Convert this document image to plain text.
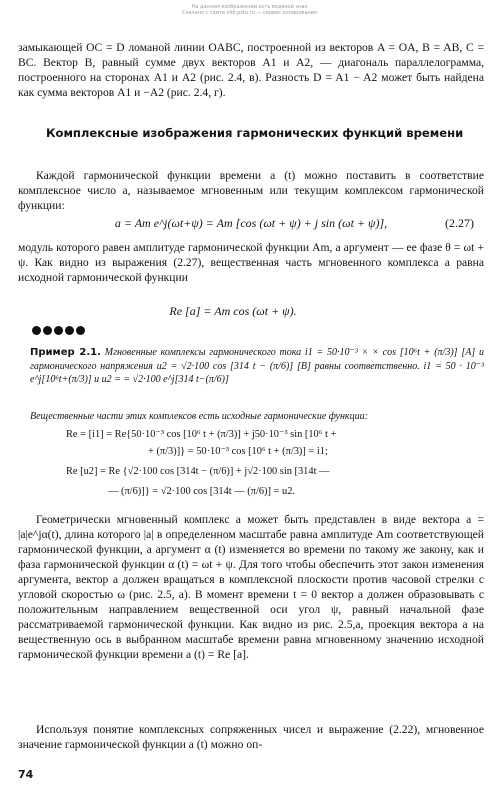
На данном изображении есть водяной знак
Скачано с сайта elib.pstu.ru — сервис копирования

замыкающей OC = D ломаной линии OABC, построенной из векторов A = OA, B = AB, C = BC. Вектор B, равный сумме двух векторов A1 и A2, — диагональ параллелограмма, построенного на сторонах A1 и A2 (рис. 2.4, в). Разность D = A1 − A2 может быть найдена как сумма векторов A1 и −A2 (рис. 2.4, г).

Комплексные изображения гармонических функций времени

Каждой гармонической функции времени a (t) можно поставить в соответствие комплексное число a, называемое мгновенным или текущим комплексом гармонической функции:

a = Am e^j(ωt+ψ) = Am [cos (ωt + ψ) + j sin (ωt + ψ)],	(2.27)

модуль которого равен амплитуде гармонической функции Am, а аргумент — ее фазе θ = ωt + ψ. Как видно из выражения (2.27), вещественная часть мгновенного комплекса a равна исходной гармонической функции

Re [a] = Am cos (ωt + ψ).
Пример 2.1. Мгновенные комплексы гармонического тока i1 = 50·10⁻³ × × cos [10⁶t + (π/3)] [A] и гармонического напряжения u2 = √2·100 cos [314 t − (π/6)] [B] равны соответственно. i1 = 50 · 10⁻³ e^j[10⁶t+(π/3)] и u2 = = √2·100 e^j[314 t−(π/6)]
Вещественные части этих комплексов есть исходные гармонические функции:
Re = [i1] = Re{50·10⁻³ cos [10⁶ t + (π/3)] + j50·10⁻³ sin [10⁶ t +
+ (π/3)]} = 50·10⁻³ cos [10⁶ t + (π/3)] = i1;
Re [u2] = Re {√2·100 cos [314t − (π/6)] + j√2·100 sin [314t —
— (π/6)]} = √2·100 cos [314t — (π/6)] = u2.

Геометрически мгновенный комплекс a может быть представлен в виде вектора a = |a|e^jα(t), длина которого |a| в определенном масштабе равна амплитуде Am соответствующей гармонической функции, а аргумент α (t) изменяется во времени по такому же закону, как и фаза гармонической функции α (t) = ωt + ψ. Для того чтобы обеспечить этот закон изменения аргумента, вектор a должен вращаться в комплексной плоскости против часовой стрелки с угловой скоростью ω (рис. 2.5, а). В момент времени t = 0 вектор a должен образовывать с положительным направлением вещественной оси угол ψ, равный начальной фазе рассматриваемой гармонической функции. Как видно из рис. 2.5,а, проекция вектора a на вещественную ось в выбранном масштабе времени равна мгновенному значению исходной гармонической функции времени a (t) = Re [a].

Используя понятие комплексных сопряженных чисел и выражение (2.22), мгновенное значение гармонической функции a (t) можно оп-

74
